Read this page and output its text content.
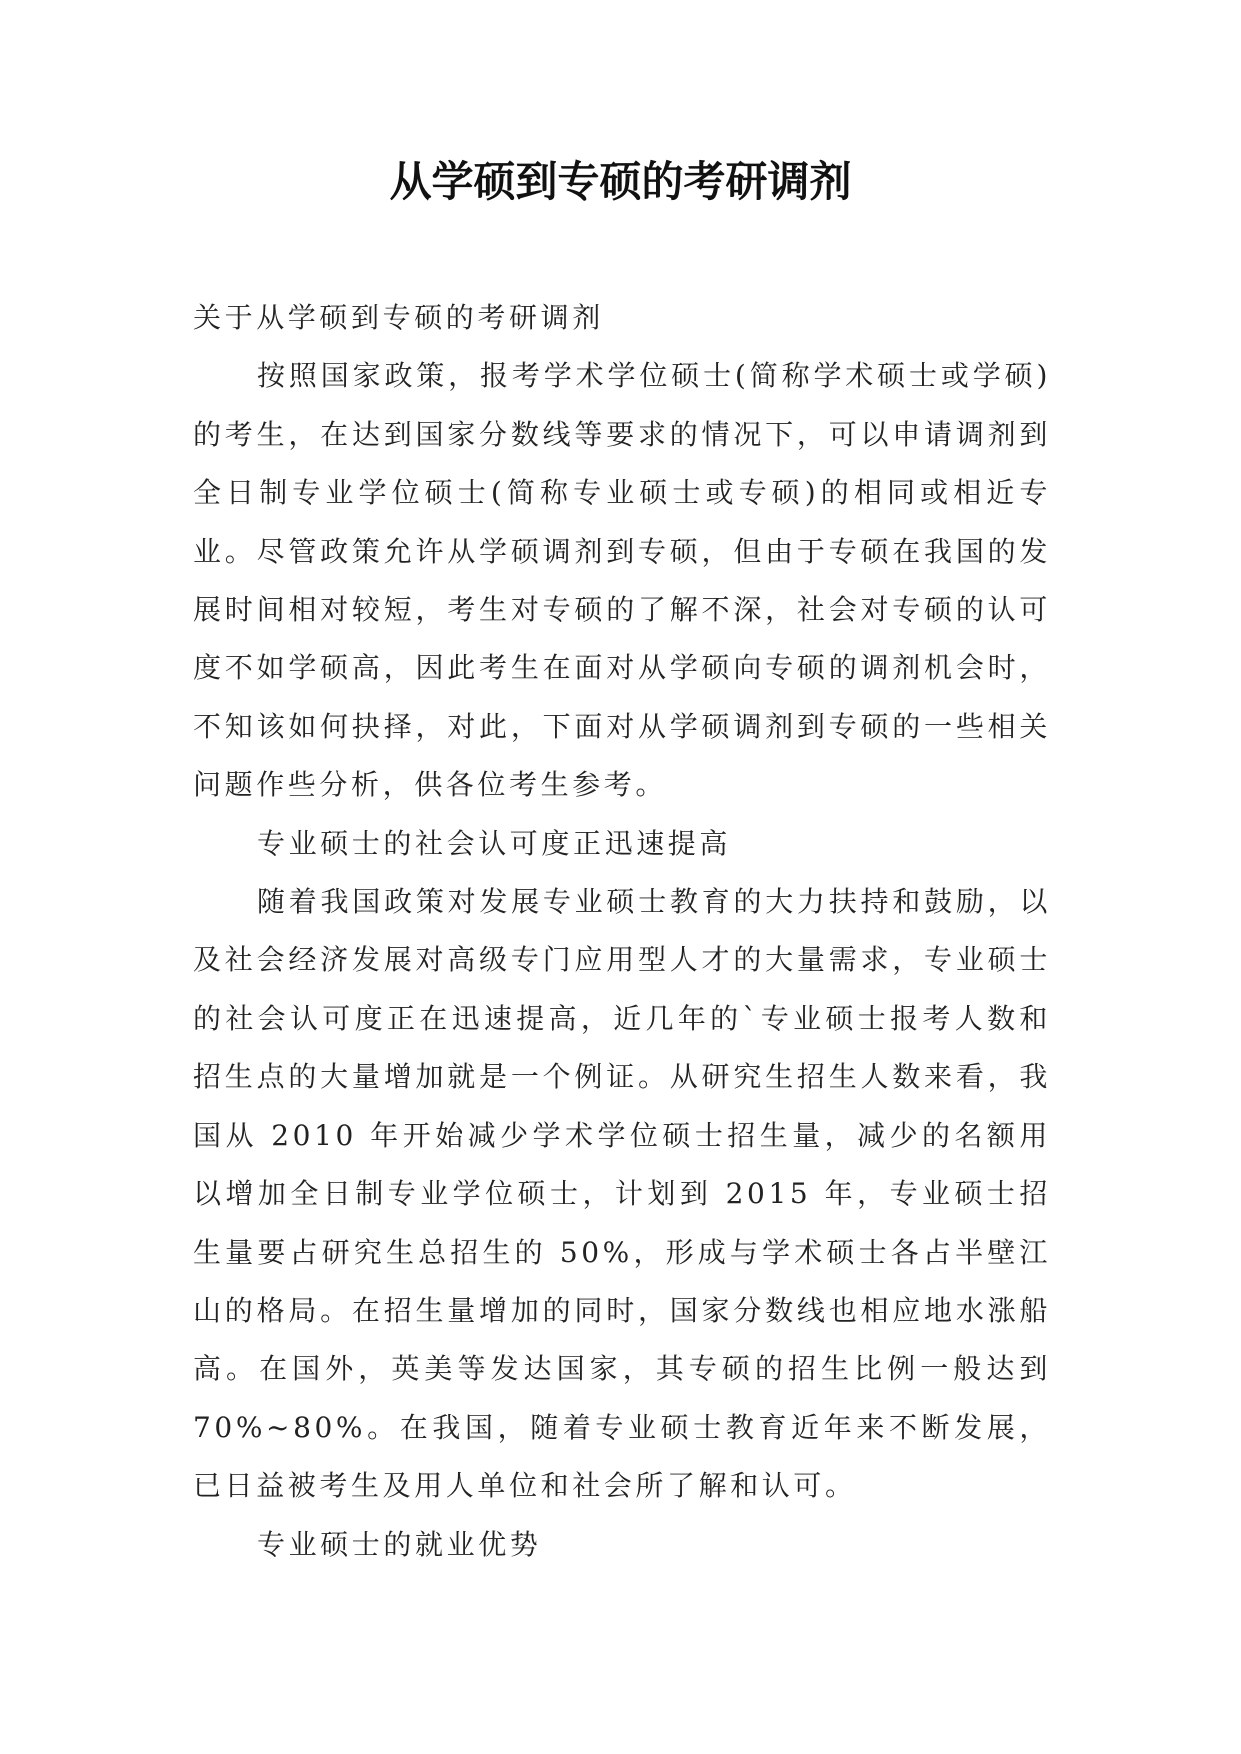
从学硕到专硕的考研调剂

关于从学硕到专硕的考研调剂

按照国家政策，报考学术学位硕士(简称学术硕士或学硕)的考生，在达到国家分数线等要求的情况下，可以申请调剂到全日制专业学位硕士(简称专业硕士或专硕)的相同或相近专业。尽管政策允许从学硕调剂到专硕，但由于专硕在我国的发展时间相对较短，考生对专硕的了解不深，社会对专硕的认可度不如学硕高，因此考生在面对从学硕向专硕的调剂机会时，不知该如何抉择，对此，下面对从学硕调剂到专硕的一些相关问题作些分析，供各位考生参考。

专业硕士的社会认可度正迅速提高

随着我国政策对发展专业硕士教育的大力扶持和鼓励，以及社会经济发展对高级专门应用型人才的大量需求，专业硕士的社会认可度正在迅速提高，近几年的`专业硕士报考人数和招生点的大量增加就是一个例证。从研究生招生人数来看，我国从 2010 年开始减少学术学位硕士招生量，减少的名额用以增加全日制专业学位硕士，计划到 2015 年，专业硕士招生量要占研究生总招生的 50%，形成与学术硕士各占半壁江山的格局。在招生量增加的同时，国家分数线也相应地水涨船高。在国外，英美等发达国家，其专硕的招生比例一般达到 70%~80%。在我国，随着专业硕士教育近年来不断发展，已日益被考生及用人单位和社会所了解和认可。

专业硕士的就业优势
